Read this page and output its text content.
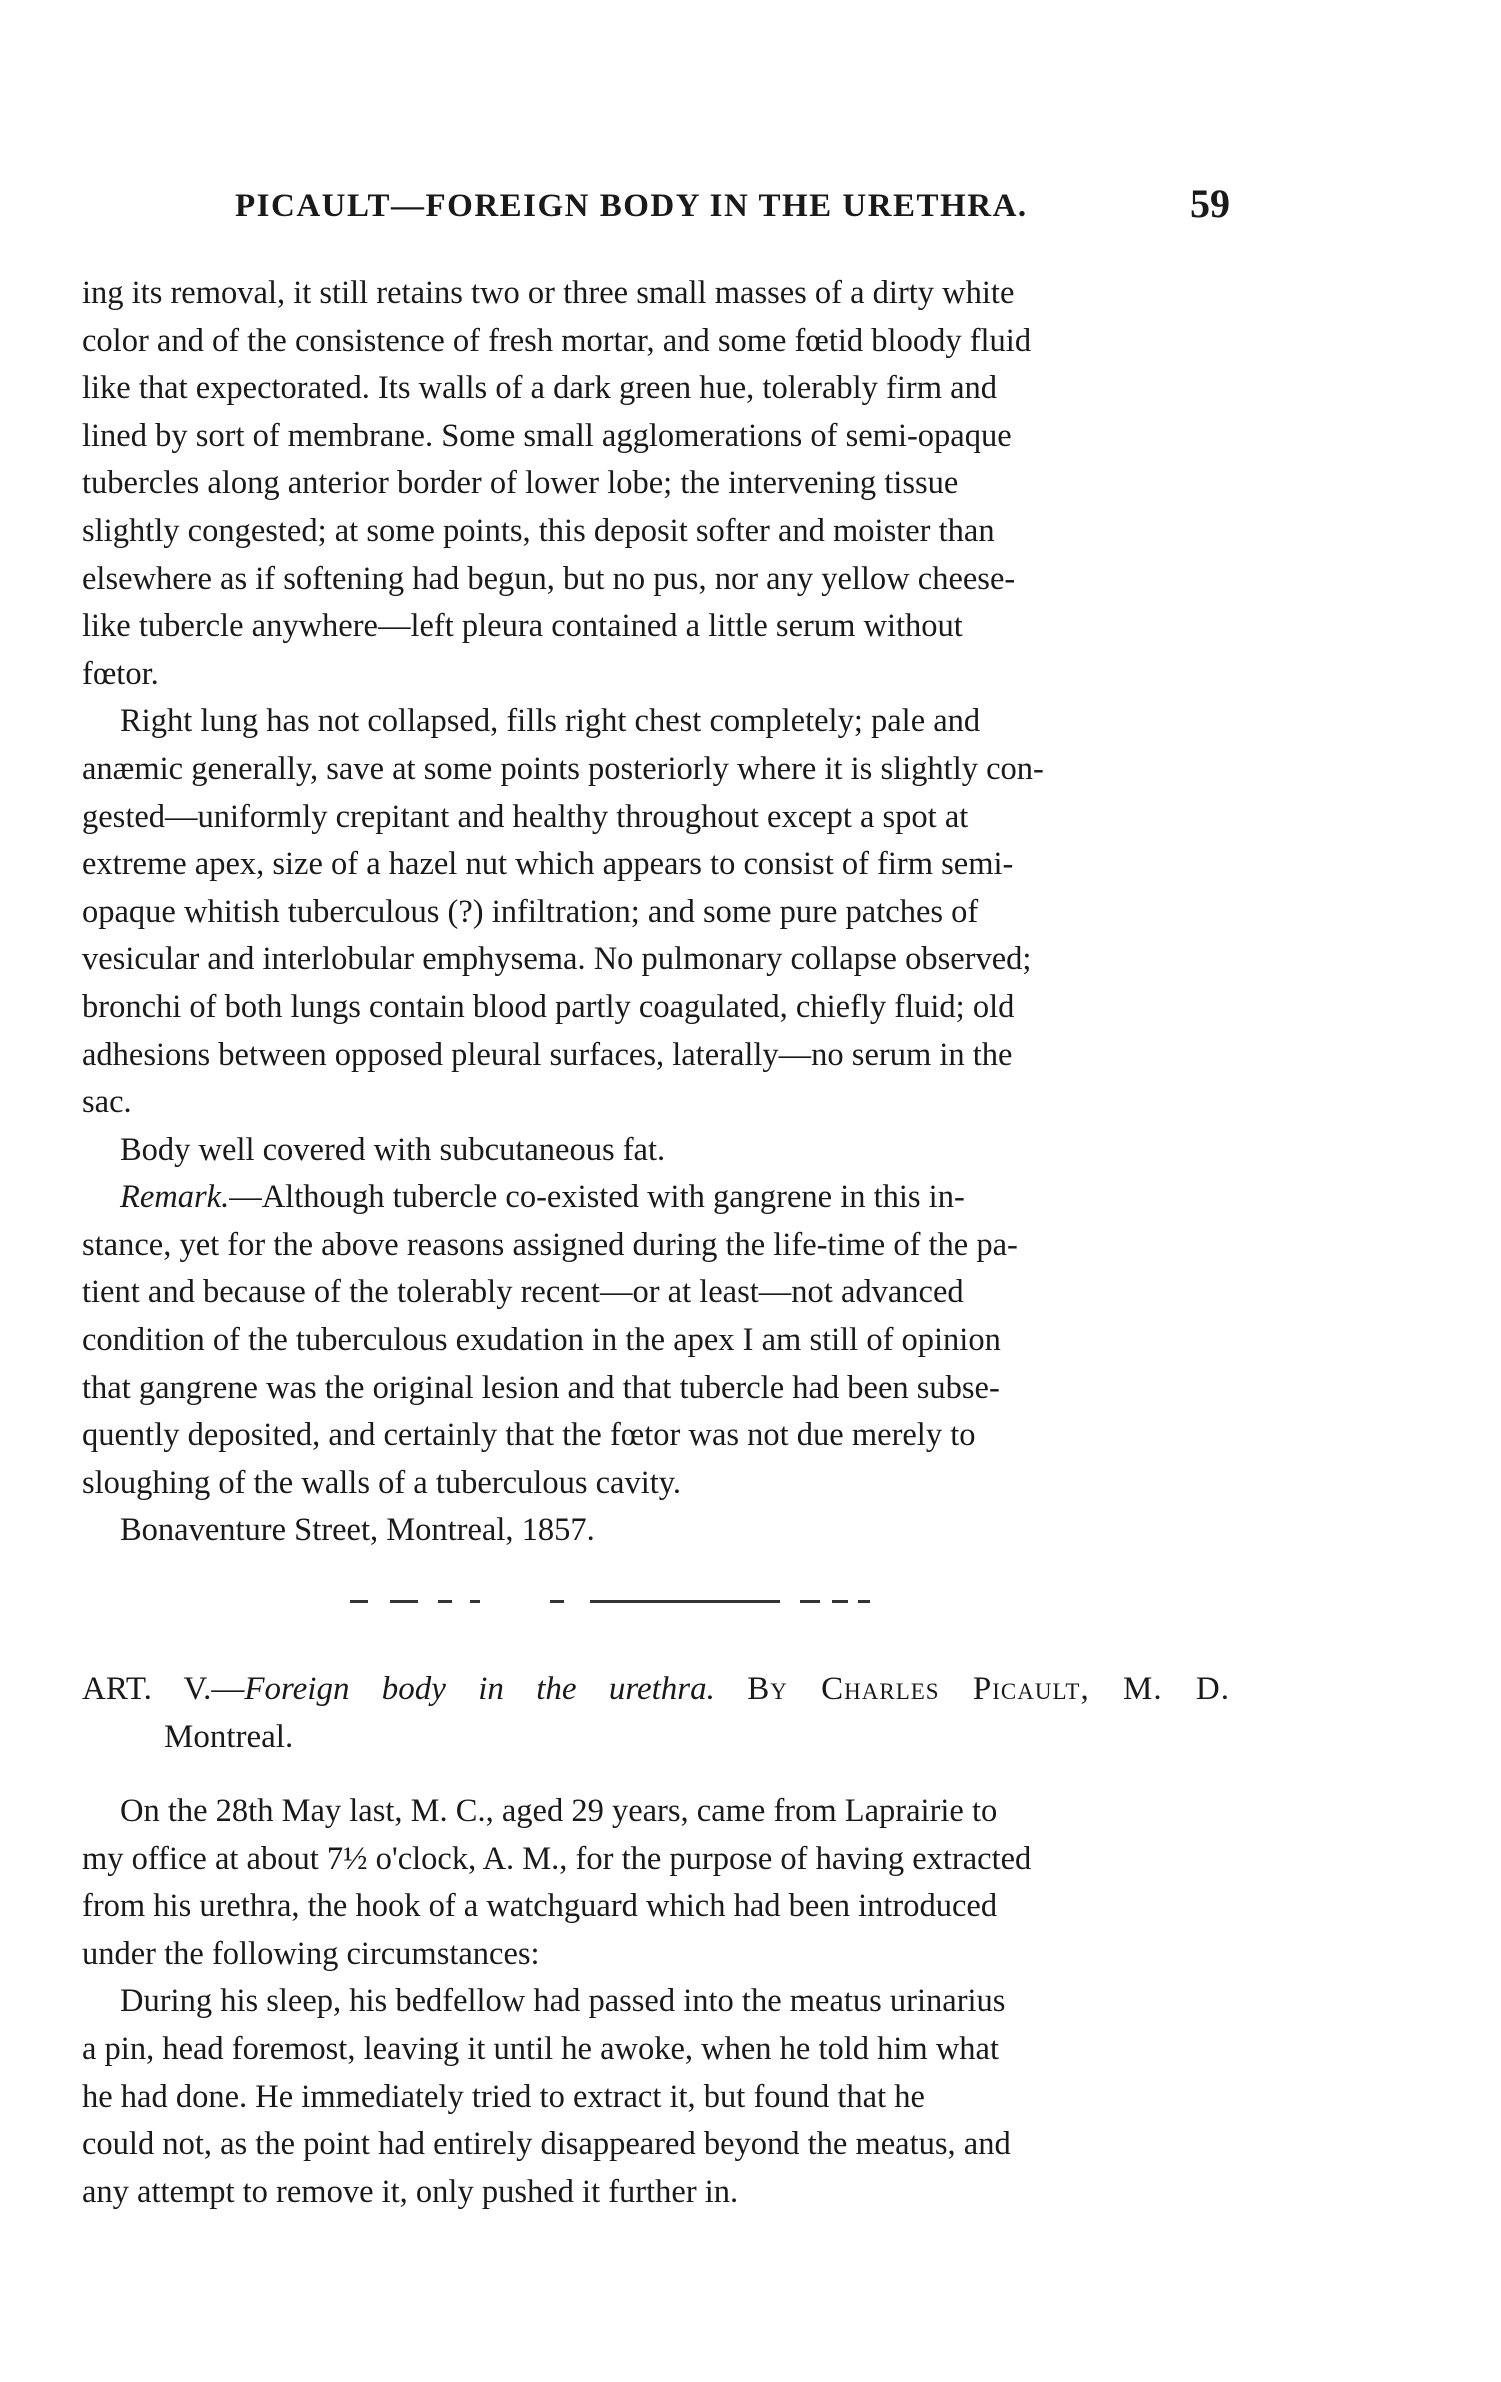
PICAULT—FOREIGN BODY IN THE URETHRA.	59

ing its removal, it still retains two or three small masses of a dirty white
color and of the consistence of fresh mortar, and some fœtid bloody fluid
like that expectorated. Its walls of a dark green hue, tolerably firm and
lined by sort of membrane. Some small agglomerations of semi-opaque
tubercles along anterior border of lower lobe; the intervening tissue
slightly congested; at some points, this deposit softer and moister than
elsewhere as if softening had begun, but no pus, nor any yellow cheese-
like tubercle anywhere—left pleura contained a little serum without
fœtor.

Right lung has not collapsed, fills right chest completely; pale and
anæmic generally, save at some points posteriorly where it is slightly con-
gested—uniformly crepitant and healthy throughout except a spot at
extreme apex, size of a hazel nut which appears to consist of firm semi-
opaque whitish tuberculous (?) infiltration; and some pure patches of
vesicular and interlobular emphysema. No pulmonary collapse observed;
bronchi of both lungs contain blood partly coagulated, chiefly fluid; old
adhesions between opposed pleural surfaces, laterally—no serum in the
sac.

Body well covered with subcutaneous fat.

Remark.—Although tubercle co-existed with gangrene in this in-
stance, yet for the above reasons assigned during the life-time of the pa-
tient and because of the tolerably recent—or at least—not advanced
condition of the tuberculous exudation in the apex I am still of opinion
that gangrene was the original lesion and that tubercle had been subse-
quently deposited, and certainly that the fœtor was not due merely to
sloughing of the walls of a tuberculous cavity.

Bonaventure Street, Montreal, 1857.

ART. V.—Foreign body in the urethra. By Charles Picault, M. D.

Montreal.

On the 28th May last, M. C., aged 29 years, came from Laprairie to
my office at about 7½ o'clock, A. M., for the purpose of having extracted
from his urethra, the hook of a watchguard which had been introduced
under the following circumstances:

During his sleep, his bedfellow had passed into the meatus urinarius
a pin, head foremost, leaving it until he awoke, when he told him what
he had done. He immediately tried to extract it, but found that he
could not, as the point had entirely disappeared beyond the meatus, and
any attempt to remove it, only pushed it further in.
